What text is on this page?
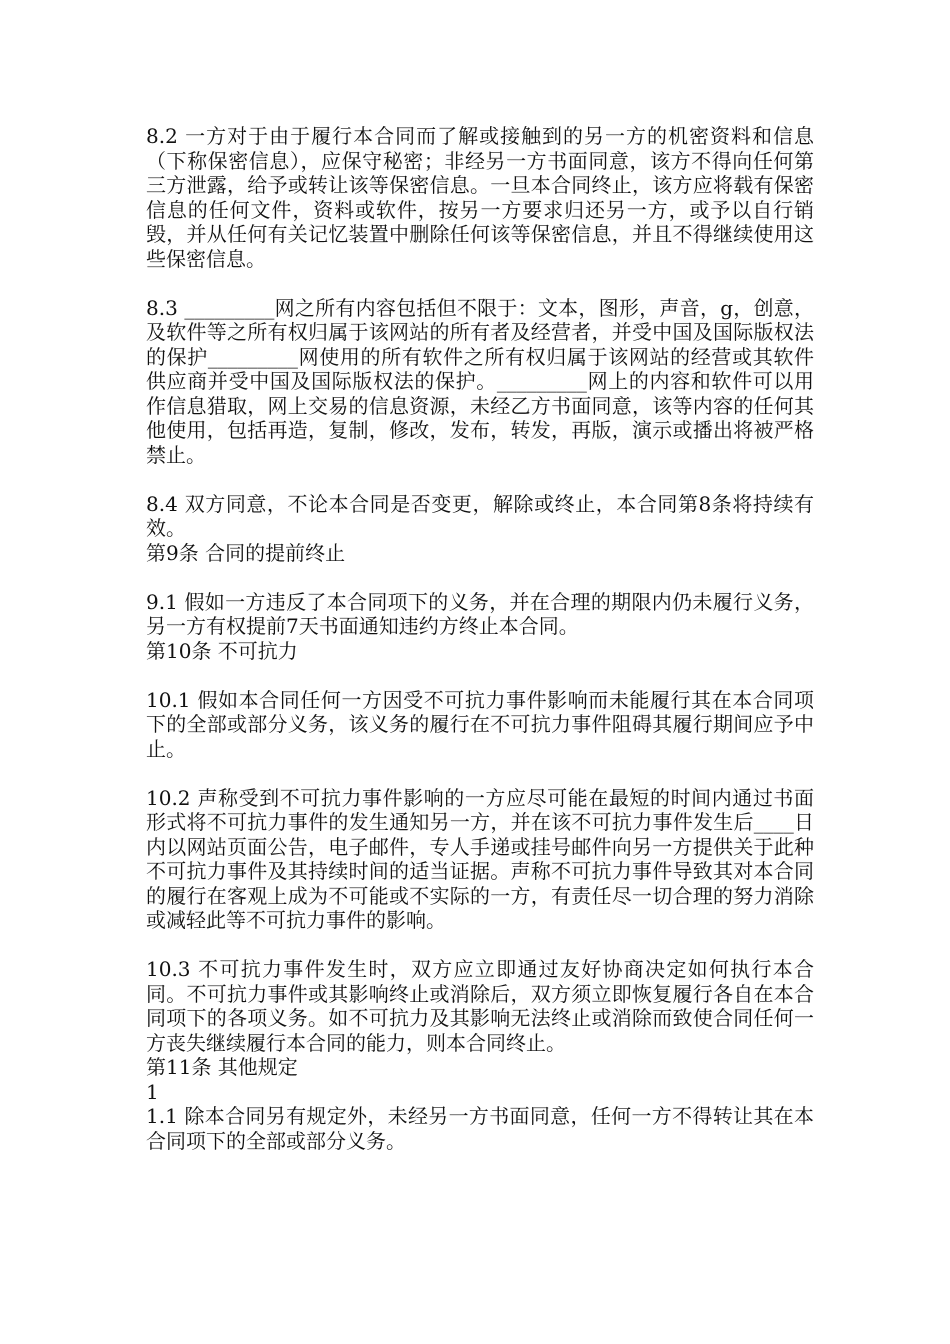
8.2 一方对于由于履行本合同而了解或接触到的另一方的机密资料和信息（下称保密信息），应保守秘密；非经另一方书面同意，该方不得向任何第三方泄露，给予或转让该等保密信息。一旦本合同终止，该方应将载有保密信息的任何文件，资料或软件，按另一方要求归还另一方，或予以自行销毁，并从任何有关记忆装置中删除任何该等保密信息，并且不得继续使用这些保密信息。

8.3 _________网之所有内容包括但不限于：文本，图形，声音，g，创意，及软件等之所有权归属于该网站的所有者及经营者，并受中国及国际版权法的保护_________网使用的所有软件之所有权归属于该网站的经营或其软件供应商并受中国及国际版权法的保护。_________网上的内容和软件可以用作信息猎取，网上交易的信息资源，未经乙方书面同意，该等内容的任何其他使用，包括再造，复制，修改，发布，转发，再版，演示或播出将被严格禁止。

8.4 双方同意，不论本合同是否变更，解除或终止，本合同第8条将持续有效。

第9条 合同的提前终止

9.1 假如一方违反了本合同项下的义务，并在合理的期限内仍未履行义务，另一方有权提前7天书面通知违约方终止本合同。

第10条 不可抗力

10.1 假如本合同任何一方因受不可抗力事件影响而未能履行其在本合同项下的全部或部分义务，该义务的履行在不可抗力事件阻碍其履行期间应予中止。

10.2 声称受到不可抗力事件影响的一方应尽可能在最短的时间内通过书面形式将不可抗力事件的发生通知另一方，并在该不可抗力事件发生后____日内以网站页面公告，电子邮件，专人手递或挂号邮件向另一方提供关于此种不可抗力事件及其持续时间的适当证据。声称不可抗力事件导致其对本合同的履行在客观上成为不可能或不实际的一方，有责任尽一切合理的努力消除或减轻此等不可抗力事件的影响。

10.3 不可抗力事件发生时，双方应立即通过友好协商决定如何执行本合同。不可抗力事件或其影响终止或消除后，双方须立即恢复履行各自在本合同项下的各项义务。如不可抗力及其影响无法终止或消除而致使合同任何一方丧失继续履行本合同的能力，则本合同终止。

第11条 其他规定

1

1.1 除本合同另有规定外，未经另一方书面同意，任何一方不得转让其在本合同项下的全部或部分义务。
